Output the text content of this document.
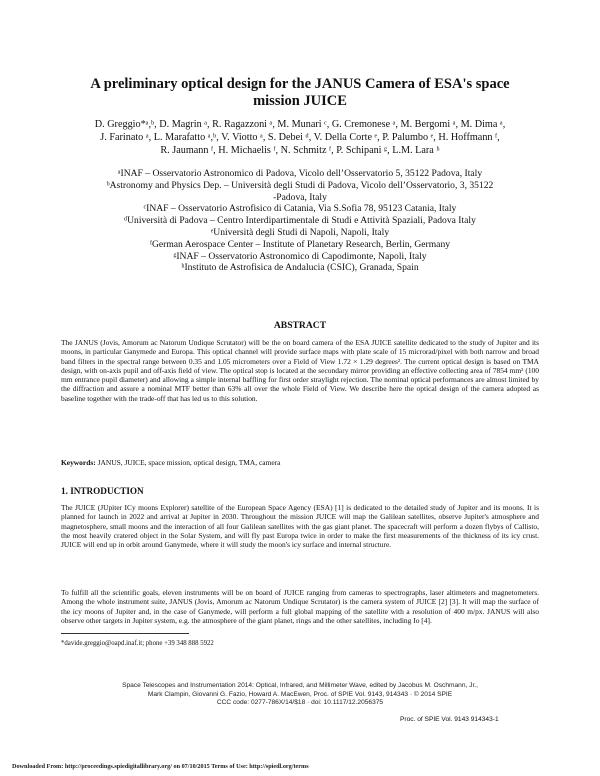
A preliminary optical design for the JANUS Camera of ESA's space
mission JUICE
D. Greggio*ᵃ,ᵇ, D. Magrin ᵃ, R. Ragazzoni ᵃ, M. Munari ᶜ, G. Cremonese ᵃ, M. Bergomi ᵃ, M. Dima ᵃ,
J. Farinato ᵃ, L. Marafatto ᵃ,ᵇ, V. Viotto ᵃ, S. Debei ᵈ, V. Della Corte ᵉ, P. Palumbo ᵉ, H. Hoffmann ᶠ,
R. Jaumann ᶠ, H. Michaelis ᶠ, N. Schmitz ᶠ, P. Schipani ᵍ, L.M. Lara ʰ
ᵃINAF – Osservatorio Astronomico di Padova, Vicolo dell’Osservatorio 5, 35122 Padova, Italy
ᵇAstronomy and Physics Dep. – Università degli Studi di Padova, Vicolo dell’Osservatorio, 3, 35122
-Padova, Italy
ᶜINAF – Osservatorio Astrofisico di Catania, Via S.Sofia 78, 95123 Catania, Italy
ᵈUniversità di Padova – Centro Interdipartimentale di Studi e Attività Spaziali, Padova Italy
ᵉUniversità degli Studi di Napoli, Napoli, Italy
ᶠGerman Aerospace Center – Institute of Planetary Research, Berlin, Germany
ᵍINAF – Osservatorio Astronomico di Capodimonte, Napoli, Italy
ʰInstituto de Astrofisica de Andalucia (CSIC), Granada, Spain
ABSTRACT
The JANUS (Jovis, Amorum ac Natorum Undique Scrutator) will be the on board camera of the ESA JUICE satellite dedicated to the study of Jupiter and its moons, in particular Ganymede and Europa. This optical channel will provide surface maps with plate scale of 15 microrad/pixel with both narrow and broad band filters in the spectral range between 0.35 and 1.05 micrometers over a Field of View 1.72 × 1.29 degrees². The current optical design is based on TMA design, with on-axis pupil and off-axis field of view. The optical stop is located at the secondary mirror providing an effective collecting area of 7854 mm² (100 mm entrance pupil diameter) and allowing a simple internal baffling for first order straylight rejection. The nominal optical performances are almost limited by the diffraction and assure a nominal MTF better than 63% all over the whole Field of View. We describe here the optical design of the camera adopted as baseline together with the trade-off that has led us to this solution.
Keywords: JANUS, JUICE, space mission, optical design, TMA, camera
1. INTRODUCTION
The JUICE (JUpiter ICy moons Explorer) satellite of the European Space Agency (ESA) [1] is dedicated to the detailed study of Jupiter and its moons. It is planned for launch in 2022 and arrival at Jupiter in 2030. Throughout the mission JUICE will map the Galilean satellites, observe Jupiter's atmosphere and magnetosphere, small moons and the interaction of all four Galilean satellites with the gas giant planet. The spacecraft will perform a dozen flybys of Callisto, the most heavily cratered object in the Solar System, and will fly past Europa twice in order to make the first measurements of the thickness of its icy crust. JUICE will end up in orbit around Ganymede, where it will study the moon's icy surface and internal structure.
To fulfill all the scientific goals, eleven instruments will be on board of JUICE ranging from cameras to spectrographs, laser altimeters and magnetometers. Among the whole instrument suite, JANUS (Jovis, Amorum ac Natorum Undique Scrutator) is the camera system of JUICE [2] [3]. It will map the surface of the icy moons of Jupiter and, in the case of Ganymede, will perform a full global mapping of the satellite with a resolution of 400 m/px. JANUS will also observe other targets in Jupiter system, e.g. the atmosphere of the giant planet, rings and the other satellites, including Io [4].
*davide.greggio@oapd.inaf.it; phone +39 348 888 5922
Space Telescopes and Instrumentation 2014: Optical, Infrared, and Millimeter Wave, edited by Jacobus M. Oschmann, Jr.,
Mark Clampin, Giovanni G. Fazio, Howard A. MacEwen, Proc. of SPIE Vol. 9143, 914343 · © 2014 SPIE
CCC code: 0277-786X/14/$18 · doi: 10.1117/12.2056375
Proc. of SPIE Vol. 9143 914343-1
Downloaded From: http://proceedings.spiedigitallibrary.org/ on 07/10/2015 Terms of Use: http://spiedl.org/terms
